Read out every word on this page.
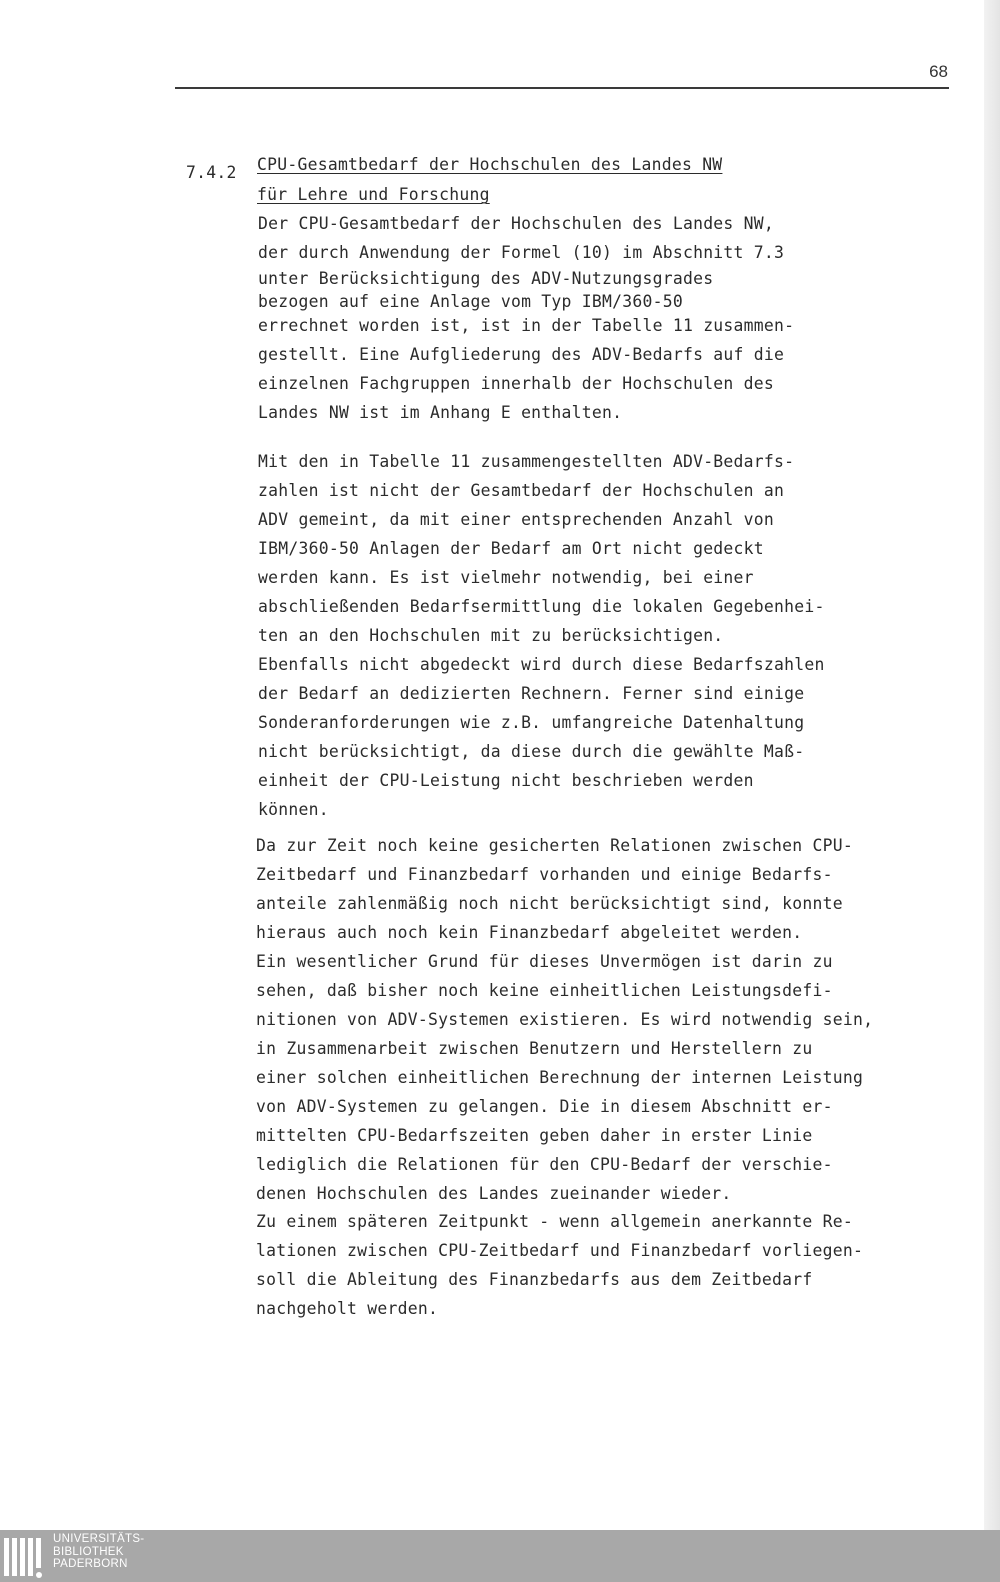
68
7.4.2 CPU-Gesamtbedarf der Hochschulen des Landes NW
für Lehre und Forschung
Der CPU-Gesamtbedarf der Hochschulen des Landes NW,
der durch Anwendung der Formel (10) im Abschnitt 7.3
unter Berücksichtigung des ADV-Nutzungsgrades
bezogen auf eine Anlage vom Typ IBM/360-50
errechnet worden ist, ist in der Tabelle 11 zusammen-
gestellt. Eine Aufgliederung des ADV-Bedarfs auf die
einzelnen Fachgruppen innerhalb der Hochschulen des
Landes NW ist im Anhang E enthalten.
Mit den in Tabelle 11 zusammengestellten ADV-Bedarfs-
zahlen ist nicht der Gesamtbedarf der Hochschulen an
ADV gemeint, da mit einer entsprechenden Anzahl von
IBM/360-50 Anlagen der Bedarf am Ort nicht gedeckt
werden kann. Es ist vielmehr notwendig, bei einer
abschließenden Bedarfsermittlung die lokalen Gegebenhei-
ten an den Hochschulen mit zu berücksichtigen.
Ebenfalls nicht abgedeckt wird durch diese Bedarfszahlen
der Bedarf an dedizierten Rechnern. Ferner sind einige
Sonderanforderungen wie z.B. umfangreiche Datenhaltung
nicht berücksichtigt, da diese durch die gewählte Maß-
einheit der CPU-Leistung nicht beschrieben werden
können.
Da zur Zeit noch keine gesicherten Relationen zwischen CPU-
Zeitbedarf und Finanzbedarf vorhanden und einige Bedarfs-
anteile zahlenmäßig noch nicht berücksichtigt sind, konnte
hieraus auch noch kein Finanzbedarf abgeleitet werden.
Ein wesentlicher Grund für dieses Unvermögen ist darin zu
sehen, daß bisher noch keine einheitlichen Leistungsdefi-
nitionen von ADV-Systemen existieren. Es wird notwendig sein,
in Zusammenarbeit zwischen Benutzern und Herstellern zu
einer solchen einheitlichen Berechnung der internen Leistung
von ADV-Systemen zu gelangen. Die in diesem Abschnitt er-
mittelten CPU-Bedarfszeiten geben daher in erster Linie
lediglich die Relationen für den CPU-Bedarf der verschie-
denen Hochschulen des Landes zueinander wieder.
Zu einem späteren Zeitpunkt - wenn allgemein anerkannte Re-
lationen zwischen CPU-Zeitbedarf und Finanzbedarf vorliegen-
soll die Ableitung des Finanzbedarfs aus dem Zeitbedarf
nachgeholt werden.
UNIVERSITÄTS-
BIBLIOTHEK
PADERBORN
